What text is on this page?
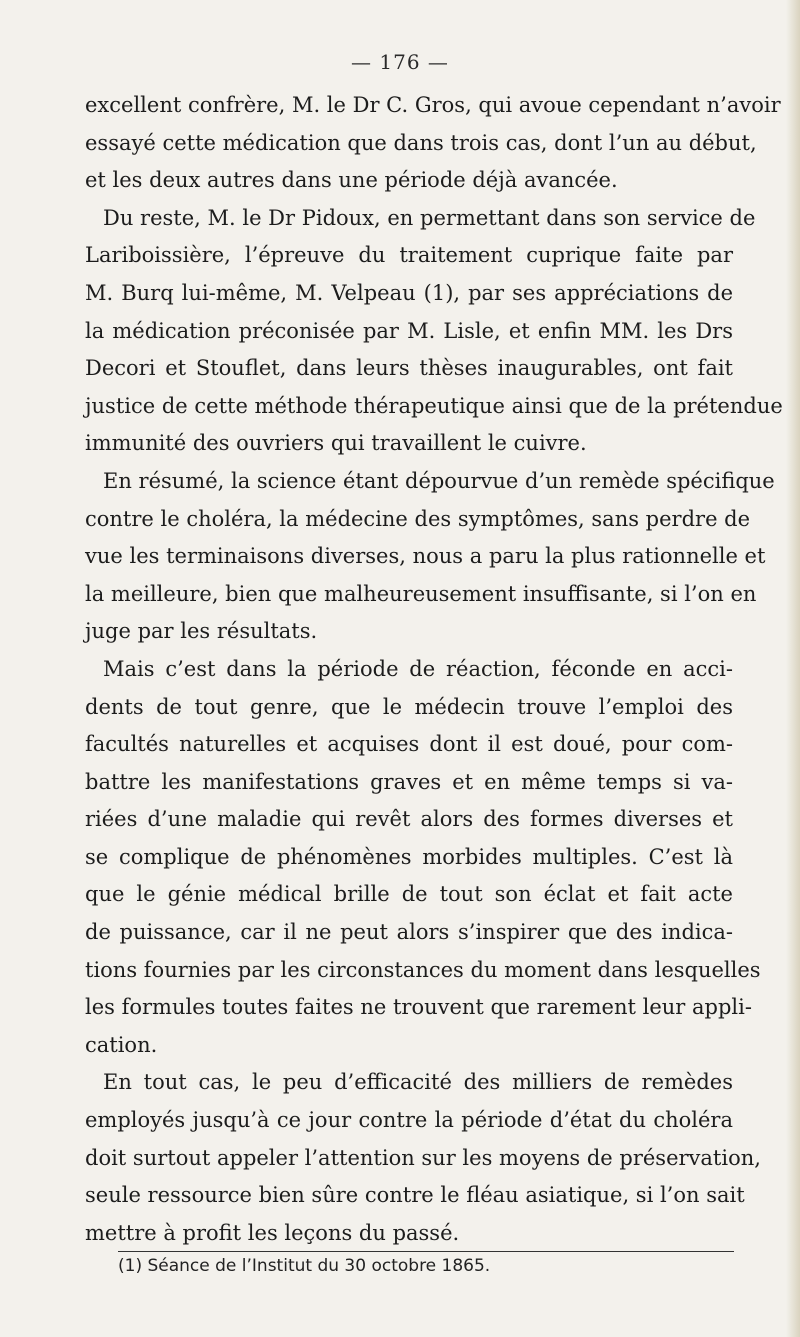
— 176 —
excellent confrère, M. le Dr C. Gros, qui avoue cependant n’avoir
essayé cette médication que dans trois cas, dont l’un au début,
et les deux autres dans une période déjà avancée.
Du reste, M. le Dr Pidoux, en permettant dans son service de
Lariboissière, l’épreuve du traitement cuprique faite par
M. Burq lui-même, M. Velpeau (1), par ses appréciations de
la médication préconisée par M. Lisle, et enfin MM. les Drs
Decori et Stouflet, dans leurs thèses inaugurables, ont fait
justice de cette méthode thérapeutique ainsi que de la prétendue
immunité des ouvriers qui travaillent le cuivre.
En résumé, la science étant dépourvue d’un remède spécifique
contre le choléra, la médecine des symptômes, sans perdre de
vue les terminaisons diverses, nous a paru la plus rationnelle et
la meilleure, bien que malheureusement insuffisante, si l’on en
juge par les résultats.
Mais c’est dans la période de réaction, féconde en acci-
dents de tout genre, que le médecin trouve l’emploi des
facultés naturelles et acquises dont il est doué, pour com-
battre les manifestations graves et en même temps si va-
riées d’une maladie qui revêt alors des formes diverses et
se complique de phénomènes morbides multiples. C’est là
que le génie médical brille de tout son éclat et fait acte
de puissance, car il ne peut alors s’inspirer que des indica-
tions fournies par les circonstances du moment dans lesquelles
les formules toutes faites ne trouvent que rarement leur appli-
cation.
En tout cas, le peu d’efficacité des milliers de remèdes
employés jusqu’à ce jour contre la période d’état du choléra
doit surtout appeler l’attention sur les moyens de préservation,
seule ressource bien sûre contre le fléau asiatique, si l’on sait
mettre à profit les leçons du passé.
(1) Séance de l’Institut du 30 octobre 1865.
